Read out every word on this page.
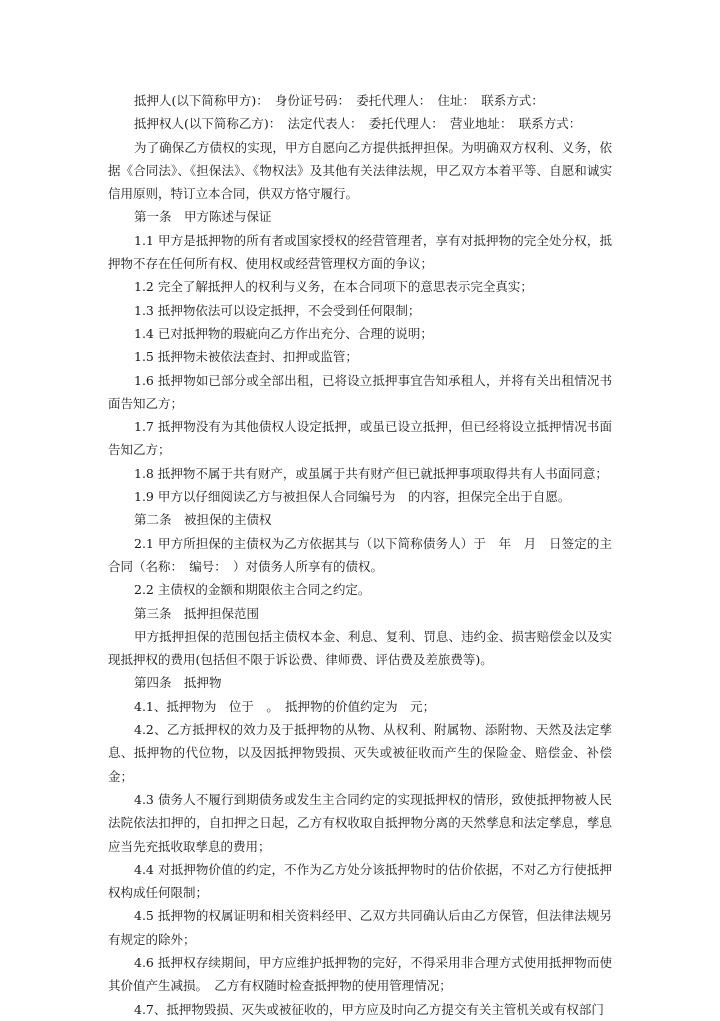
抵押人(以下简称甲方)：　身份证号码：　委托代理人：　住址：　联系方式：

抵押权人(以下简称乙方)：　法定代表人：　委托代理人：　营业地址：　联系方式：

为了确保乙方债权的实现，甲方自愿向乙方提供抵押担保。为明确双方权利、义务，依据《合同法》、《担保法》、《物权法》及其他有关法律法规，甲乙双方本着平等、自愿和诚实信用原则，特订立本合同，供双方恪守履行。

第一条　甲方陈述与保证

1.1 甲方是抵押物的所有者或国家授权的经营管理者，享有对抵押物的完全处分权，抵押物不存在任何所有权、使用权或经营管理权方面的争议；

1.2 完全了解抵押人的权利与义务，在本合同项下的意思表示完全真实；

1.3 抵押物依法可以设定抵押，不会受到任何限制；

1.4 已对抵押物的瑕疵向乙方作出充分、合理的说明；

1.5 抵押物未被依法查封、扣押或监管；

1.6 抵押物如已部分或全部出租，已将设立抵押事宜告知承租人，并将有关出租情况书面告知乙方；

1.7 抵押物没有为其他债权人设定抵押，或虽已设立抵押，但已经将设立抵押情况书面告知乙方；

1.8 抵押物不属于共有财产，或虽属于共有财产但已就抵押事项取得共有人书面同意；

1.9 甲方以仔细阅读乙方与被担保人合同编号为　的内容，担保完全出于自愿。

第二条　被担保的主债权

2.1 甲方所担保的主债权为乙方依据其与（以下简称债务人）于　年　月　日签定的主合同（名称：　编号：　）对债务人所享有的债权。

2.2 主债权的金额和期限依主合同之约定。

第三条　抵押担保范围

甲方抵押担保的范围包括主债权本金、利息、复利、罚息、违约金、损害赔偿金以及实现抵押权的费用(包括但不限于诉讼费、律师费、评估费及差旅费等)。

第四条　抵押物

4.1、抵押物为　位于　。　抵押物的价值约定为　元；

4.2、乙方抵押权的效力及于抵押物的从物、从权利、附属物、添附物、天然及法定孳息、抵押物的代位物，以及因抵押物毁损、灭失或被征收而产生的保险金、赔偿金、补偿金；

4.3 债务人不履行到期债务或发生主合同约定的实现抵押权的情形，致使抵押物被人民法院依法扣押的，自扣押之日起，乙方有权收取自抵押物分离的天然孳息和法定孳息，孳息应当先充抵收取孳息的费用；

4.4 对抵押物价值的约定，不作为乙方处分该抵押物时的估价依据，不对乙方行使抵押权构成任何限制；

4.5 抵押物的权属证明和相关资料经甲、乙双方共同确认后由乙方保管，但法律法规另有规定的除外；

4.6 抵押权存续期间，甲方应维护抵押物的完好，不得采用非合理方式使用抵押物而使其价值产生减损。　乙方有权随时检查抵押物的使用管理情况；

4.7、抵押物毁损、灭失或被征收的，甲方应及时向乙方提交有关主管机关或有权部门
